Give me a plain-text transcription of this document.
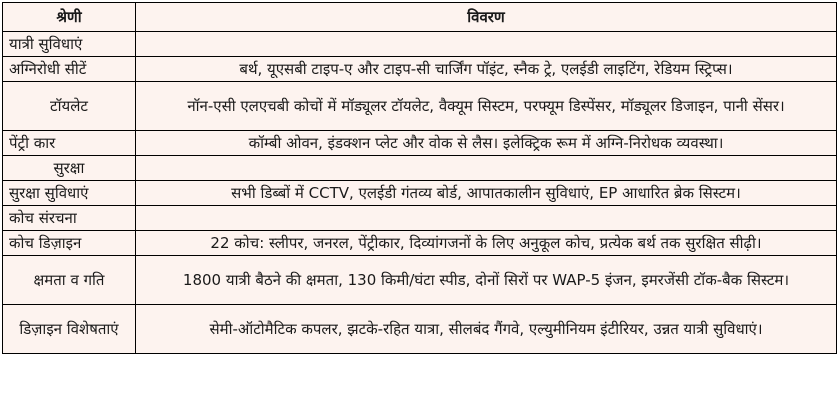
श्रेणी	विवरण
यात्री सुविधाएं	
अग्निरोधी सीटें	बर्थ, यूएसबी टाइप-ए और टाइप-सी चार्जिंग पॉइंट, स्नैक ट्रे, एलईडी लाइटिंग, रेडियम स्ट्रिप्स।
टॉयलेट	नॉन-एसी एलएचबी कोचों में मॉड्यूलर टॉयलेट, वैक्यूम सिस्टम, परफ्यूम डिस्पेंसर, मॉड्यूलर डिजाइन, पानी सेंसर।
पेंट्री कार	कॉम्बी ओवन, इंडक्शन प्लेट और वोक से लैस। इलेक्ट्रिक रूम में अग्नि-निरोधक व्यवस्था।
सुरक्षा	
सुरक्षा सुविधाएं	सभी डिब्बों में CCTV, एलईडी गंतव्य बोर्ड, आपातकालीन सुविधाएं, EP आधारित ब्रेक सिस्टम।
कोच संरचना	
कोच डिज़ाइन	22 कोच: स्लीपर, जनरल, पेंट्रीकार, दिव्यांगजनों के लिए अनुकूल कोच, प्रत्येक बर्थ तक सुरक्षित सीढ़ी।
क्षमता व गति	1800 यात्री बैठने की क्षमता, 130 किमी/घंटा स्पीड, दोनों सिरों पर WAP-5 इंजन, इमरजेंसी टॉक-बैक सिस्टम।
डिज़ाइन विशेषताएं	सेमी-ऑटोमैटिक कपलर, झटके-रहित यात्रा, सीलबंद गैंगवे, एल्युमीनियम इंटीरियर, उन्नत यात्री सुविधाएं।
